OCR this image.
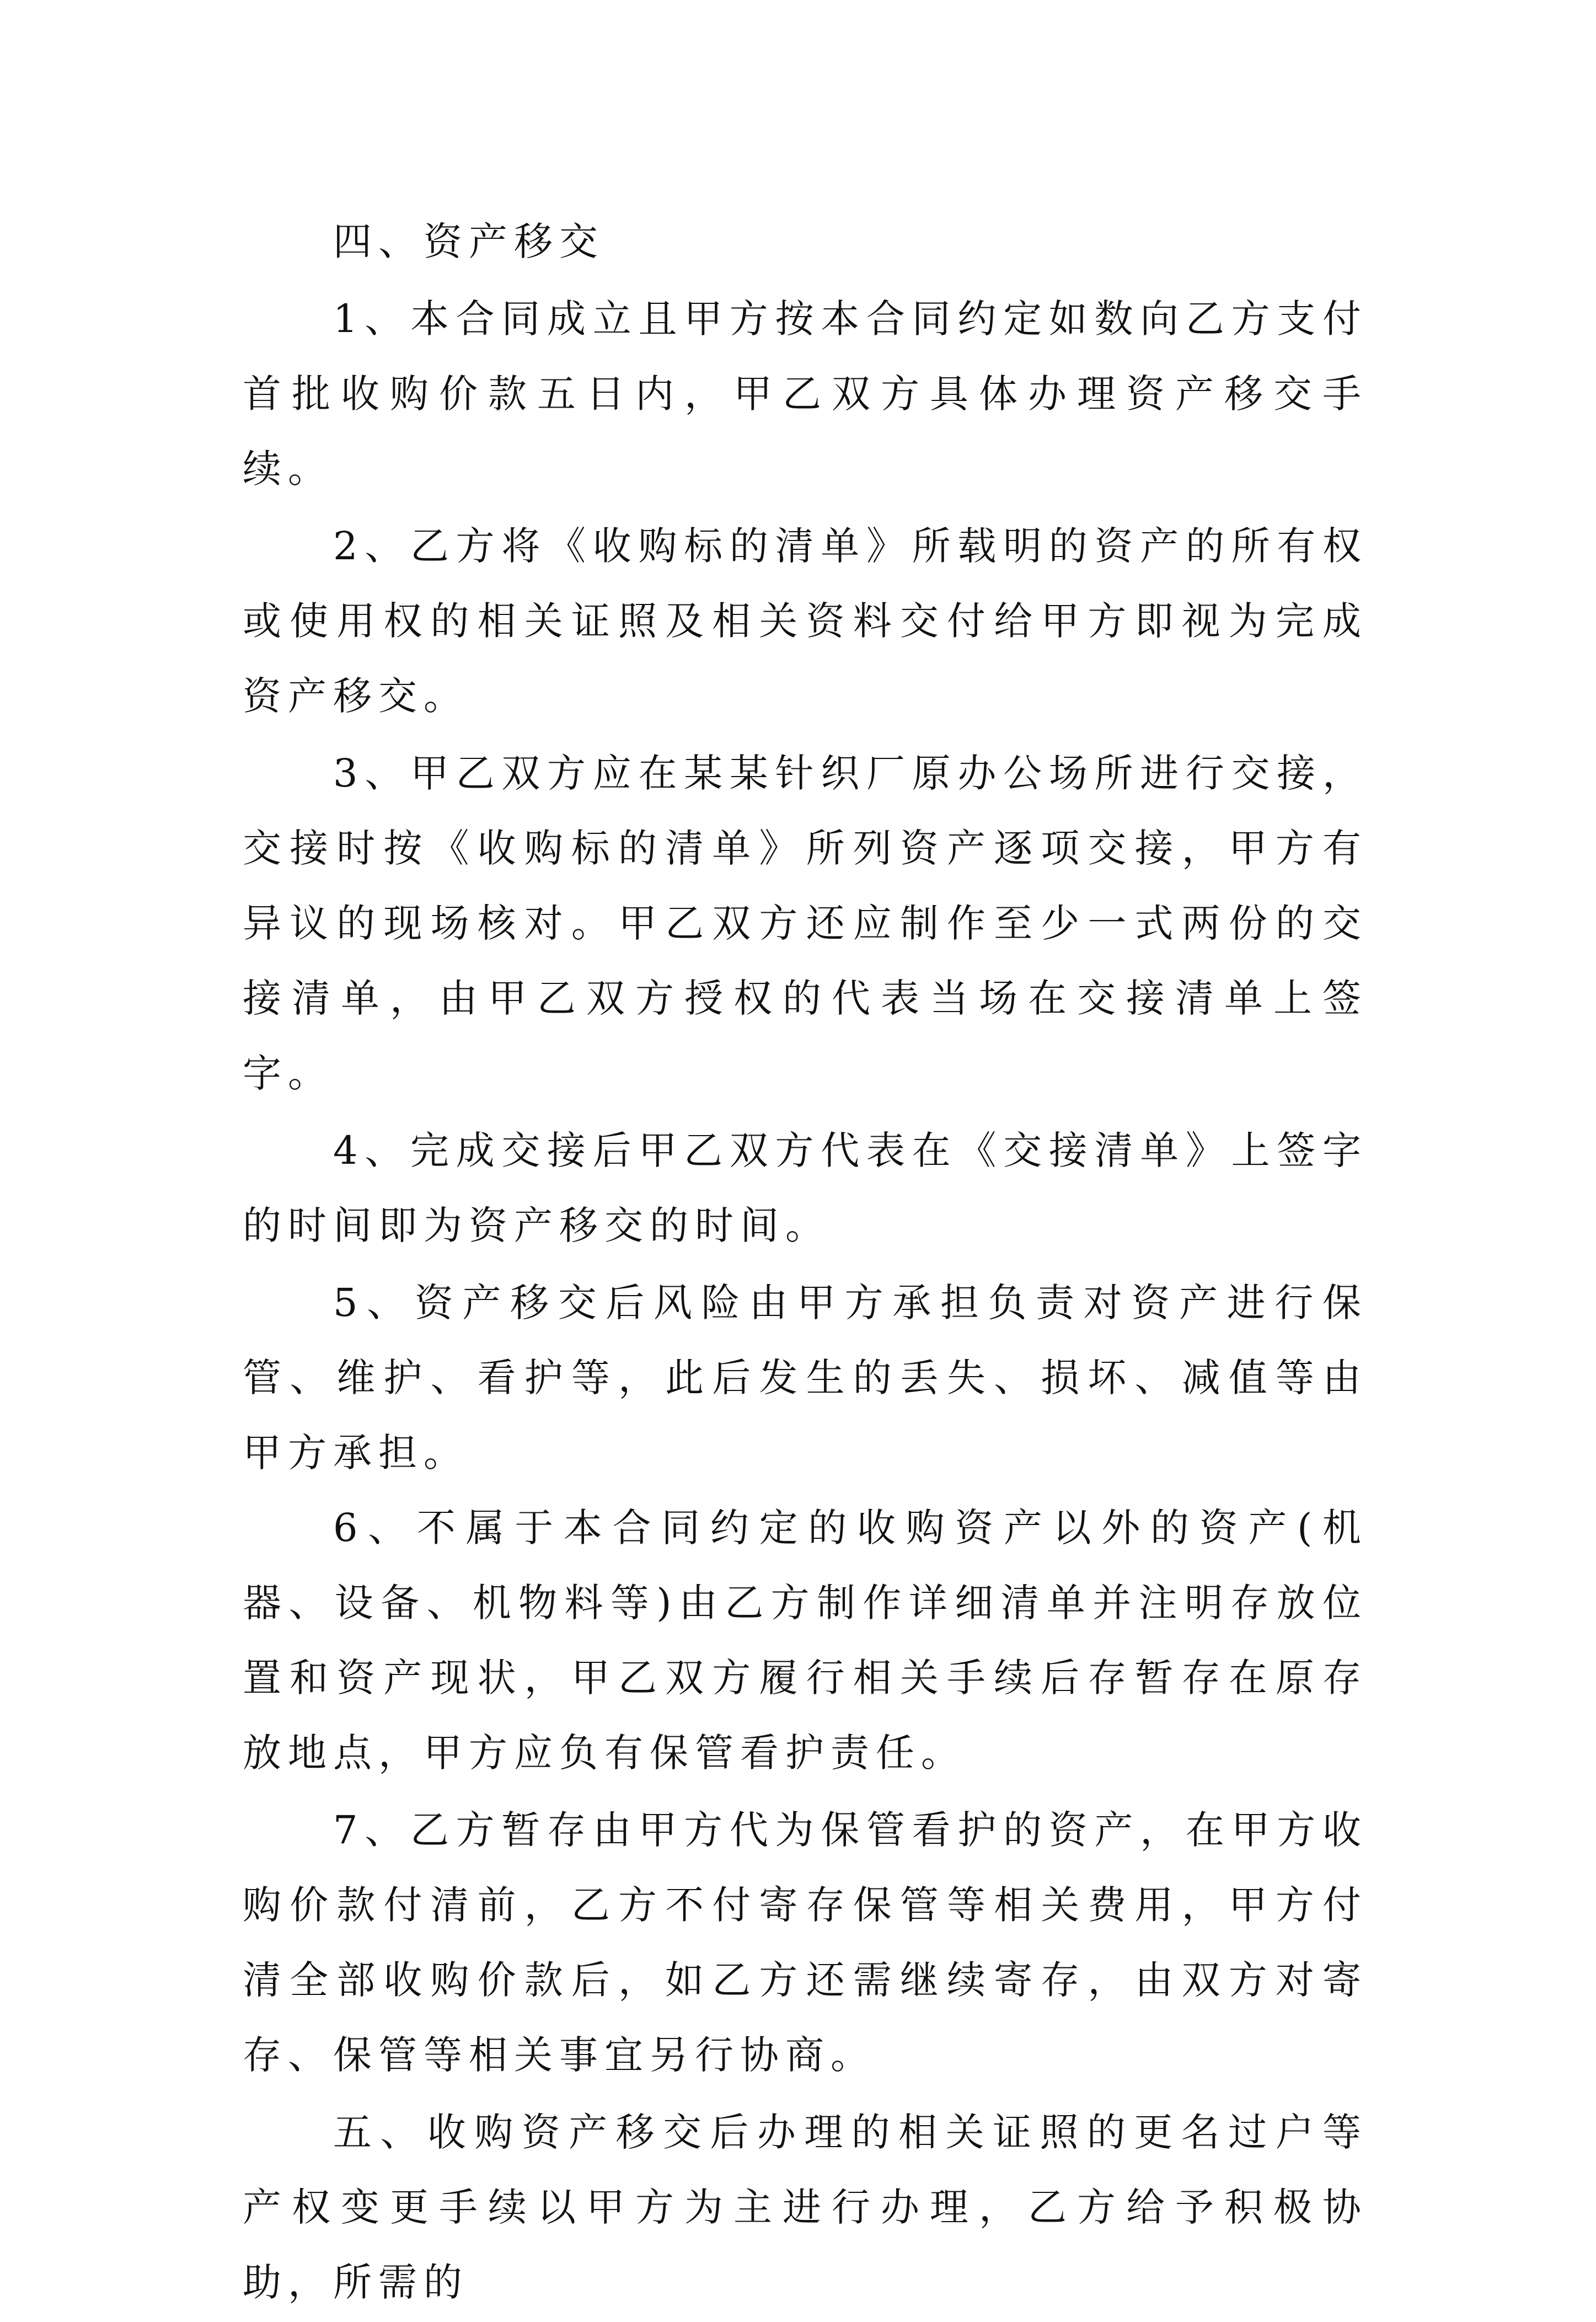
四、资产移交

1、本合同成立且甲方按本合同约定如数向乙方支付首批收购价款五日内，甲乙双方具体办理资产移交手续。

2、乙方将《收购标的清单》所载明的资产的所有权或使用权的相关证照及相关资料交付给甲方即视为完成资产移交。

3、甲乙双方应在某某针织厂原办公场所进行交接，交接时按《收购标的清单》所列资产逐项交接，甲方有异议的现场核对。甲乙双方还应制作至少一式两份的交接清单，由甲乙双方授权的代表当场在交接清单上签字。

4、完成交接后甲乙双方代表在《交接清单》上签字的时间即为资产移交的时间。

5、资产移交后风险由甲方承担负责对资产进行保管、维护、看护等，此后发生的丢失、损坏、减值等由甲方承担。

6、不属于本合同约定的收购资产以外的资产(机器、设备、机物料等)由乙方制作详细清单并注明存放位置和资产现状，甲乙双方履行相关手续后存暂存在原存放地点，甲方应负有保管看护责任。

7、乙方暂存由甲方代为保管看护的资产，在甲方收购价款付清前，乙方不付寄存保管等相关费用，甲方付清全部收购价款后，如乙方还需继续寄存，由双方对寄存、保管等相关事宜另行协商。

五、收购资产移交后办理的相关证照的更名过户等产权变更手续以甲方为主进行办理，乙方给予积极协助，所需的
